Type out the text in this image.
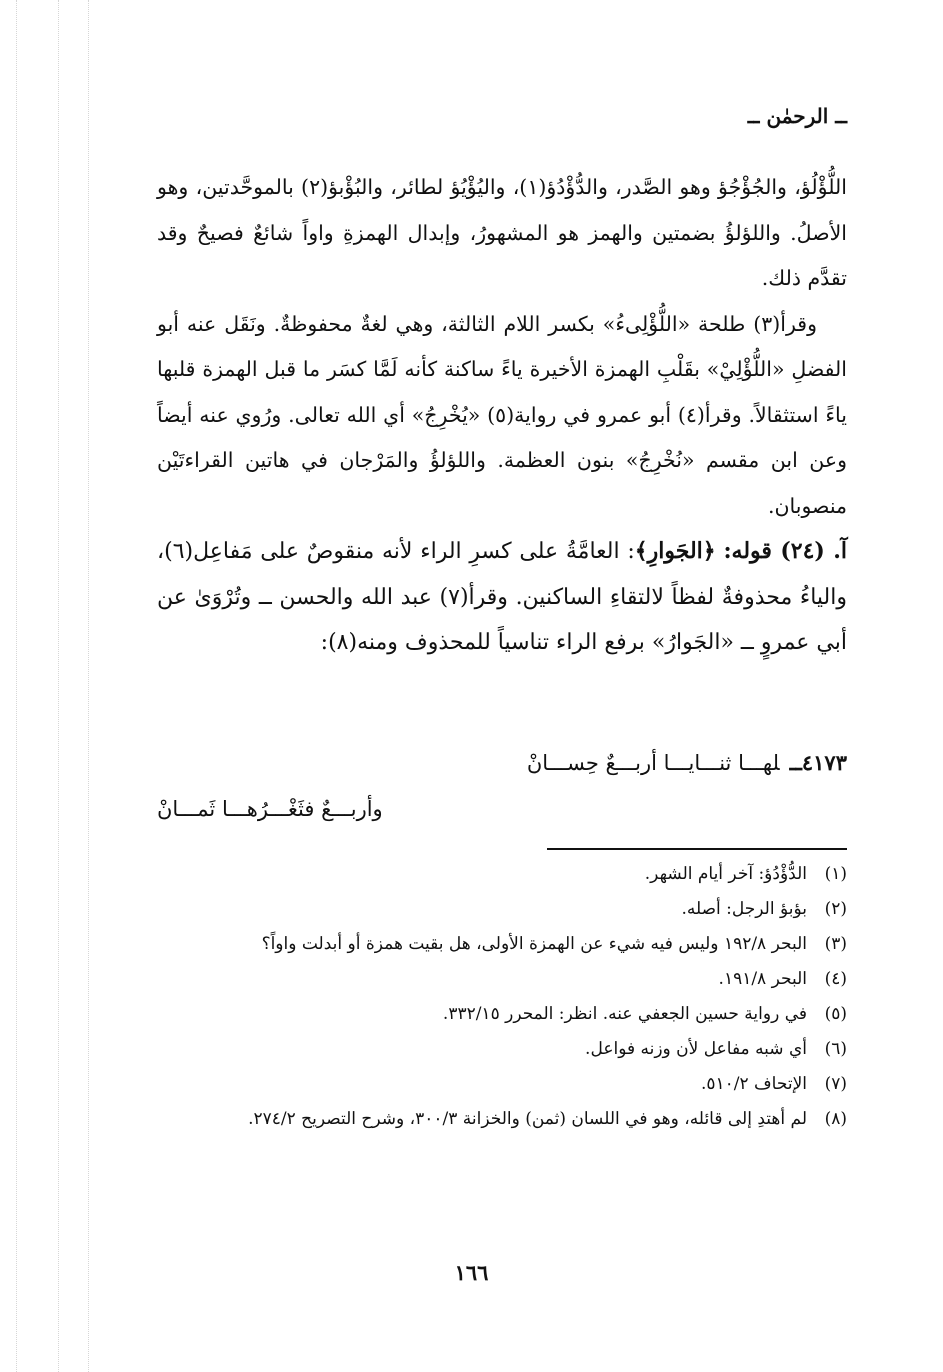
ــ الرحمٰن ــ

اللُّؤْلُؤ، والجُؤْجُؤ وهو الصَّدر، والدُّؤْدُؤ(١)، واليُؤْيُؤ لطائر، والبُؤْبؤ(٢) بالموحَّدتين، وهو الأصلُ. واللؤلؤُ بضمتين والهمز هو المشهورُ، وإبدال الهمزةِ واواً شائعٌ فصيحٌ وقد تقدَّم ذلك.

وقرأ(٣) طلحة «اللُّؤْلِىءُ» بكسر اللام الثالثة، وهي لغةٌ محفوظةٌ. ونَقَل عنه أبو الفضلِ «اللُّؤْلِيْ» بقَلْبِ الهمزة الأخيرة ياءً ساكنة كأنه لَمَّا كسَر ما قبل الهمزة قلبها ياءً استثقالاً. وقرأ(٤) أبو عمرو في رواية(٥) «يُخْرِجُ» أي الله تعالى. ورُوي عنه أيضاً وعن ابن مقسم «نُخْرِجُ» بنون العظمة. واللؤلؤُ والمَرْجان في هاتين القراءتَيْن منصوبان.

آ. (٢٤) قوله: ﴿الجَوارِ﴾: العامَّةُ على كسرِ الراء لأنه منقوصٌ على مَفاعِل(٦)، والياءُ محذوفةٌ لفظاً لالتقاءِ الساكنين. وقرأ(٧) عبد الله والحسن ــ وتُرْوَىٰ عن أبي عمروٍ ــ «الجَوارُ» برفع الراء تناسياً للمحذوف ومنه(٨):

٤١٧٣ــلهـــا ثنـــايـــا أربـــعٌ حِســـانْ
وأربـــعٌ فثَغْـــرُهـــا ثَمـــانْ
(١)
الدُّؤْدُؤ: آخر أيام الشهر.
(٢)
بؤبؤ الرجل: أصله.
(٣)
البحر ١٩٢/٨ وليس فيه شيء عن الهمزة الأولى، هل بقيت همزة أو أبدلت واواً؟
(٤)
البحر ١٩١/٨.
(٥)
في رواية حسين الجعفي عنه. انظر: المحرر ٣٣٢/١٥.
(٦)
أي شبه مفاعل لأن وزنه فواعل.
(٧)
الإتحاف ٥١٠/٢.
(٨)
لم أهتدِ إلى قائله، وهو في اللسان (ثمن) والخزانة ٣٠٠/٣، وشرح التصريح ٢٧٤/٢.

١٦٦
